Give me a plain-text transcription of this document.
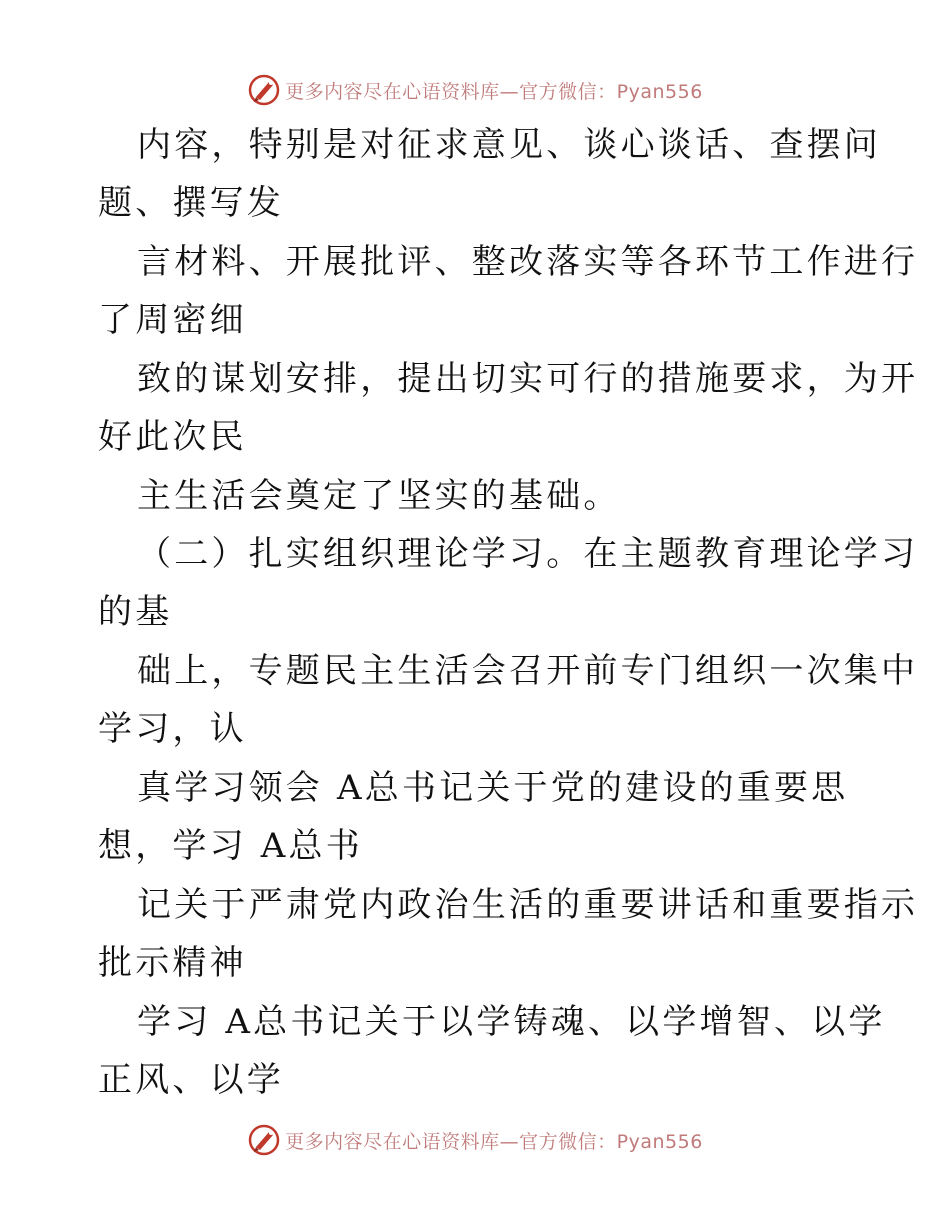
更多内容尽在心语资料库—官方微信：Pyan556
内容，特别是对征求意见、谈心谈话、查摆问
题、撰写发
言材料、开展批评、整改落实等各环节工作进行
了周密细
致的谋划安排，提出切实可行的措施要求，为开
好此次民
主生活会奠定了坚实的基础。
（二）扎实组织理论学习。在主题教育理论学习
的基
础上，专题民主生活会召开前专门组织一次集中
学习，认
真学习领会 A总书记关于党的建设的重要思
想，学习 A总书
记关于严肃党内政治生活的重要讲话和重要指示
批示精神
学习 A总书记关于以学铸魂、以学增智、以学
正风、以学
更多内容尽在心语资料库—官方微信：Pyan556
